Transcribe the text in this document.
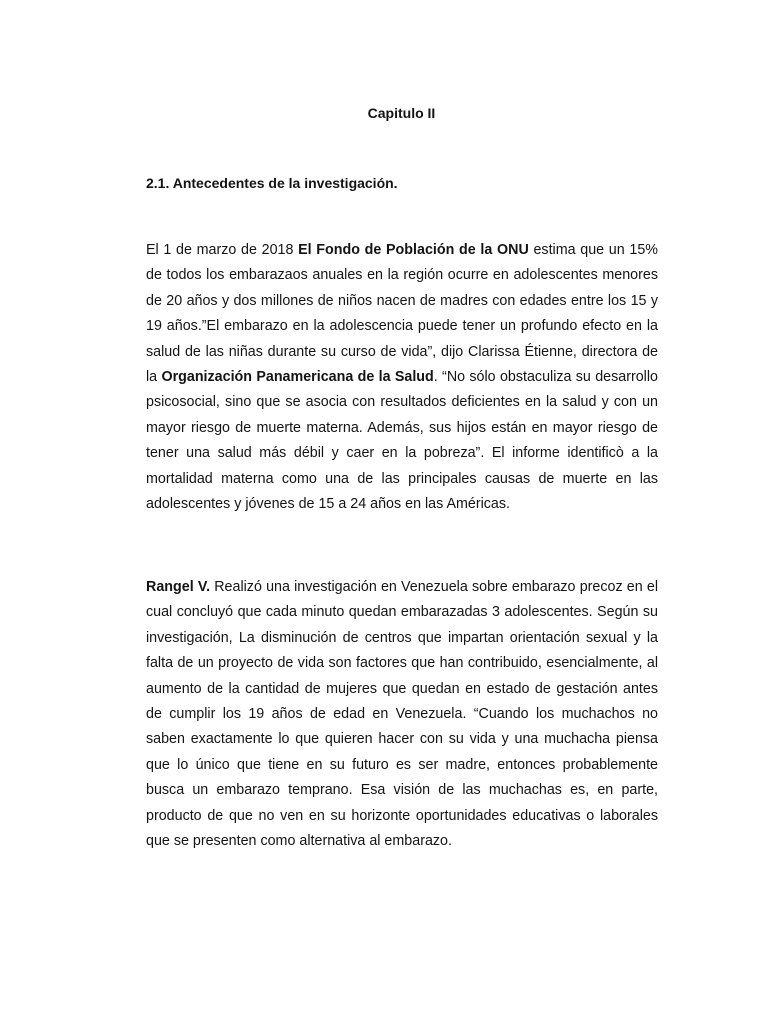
Capitulo II
2.1. Antecedentes de la investigación.

El 1 de marzo de 2018 El Fondo de Población de la ONU estima que un 15% de todos los embarazaos anuales en la región ocurre en adolescentes menores de 20 años y dos millones de niños nacen de madres con edades entre los 15 y 19 años.”El embarazo en la adolescencia puede tener un profundo efecto en la salud de las niñas durante su curso de vida”, dijo Clarissa Étienne, directora de la Organización Panamericana de la Salud. “No sólo obstaculiza su desarrollo psicosocial, sino que se asocia con resultados deficientes en la salud y con un mayor riesgo de muerte materna. Además, sus hijos están en mayor riesgo de tener una salud más débil y caer en la pobreza”. El informe identificò a la mortalidad materna como una de las principales causas de muerte en las adolescentes y jóvenes de 15 a 24 años en las Américas.

Rangel V. Realizó una investigación en Venezuela sobre embarazo precoz en el cual concluyó que cada minuto quedan embarazadas 3 adolescentes. Según su investigación, La disminución de centros que impartan orientación sexual y la falta de un proyecto de vida son factores que han contribuido, esencialmente, al aumento de la cantidad de mujeres que quedan en estado de gestación antes de cumplir los 19 años de edad en Venezuela. “Cuando los muchachos no saben exactamente lo que quieren hacer con su vida y una muchacha piensa que lo único que tiene en su futuro es ser madre, entonces probablemente busca un embarazo temprano. Esa visión de las muchachas es, en parte, producto de que no ven en su horizonte oportunidades educativas o laborales que se presenten como alternativa al embarazo.
